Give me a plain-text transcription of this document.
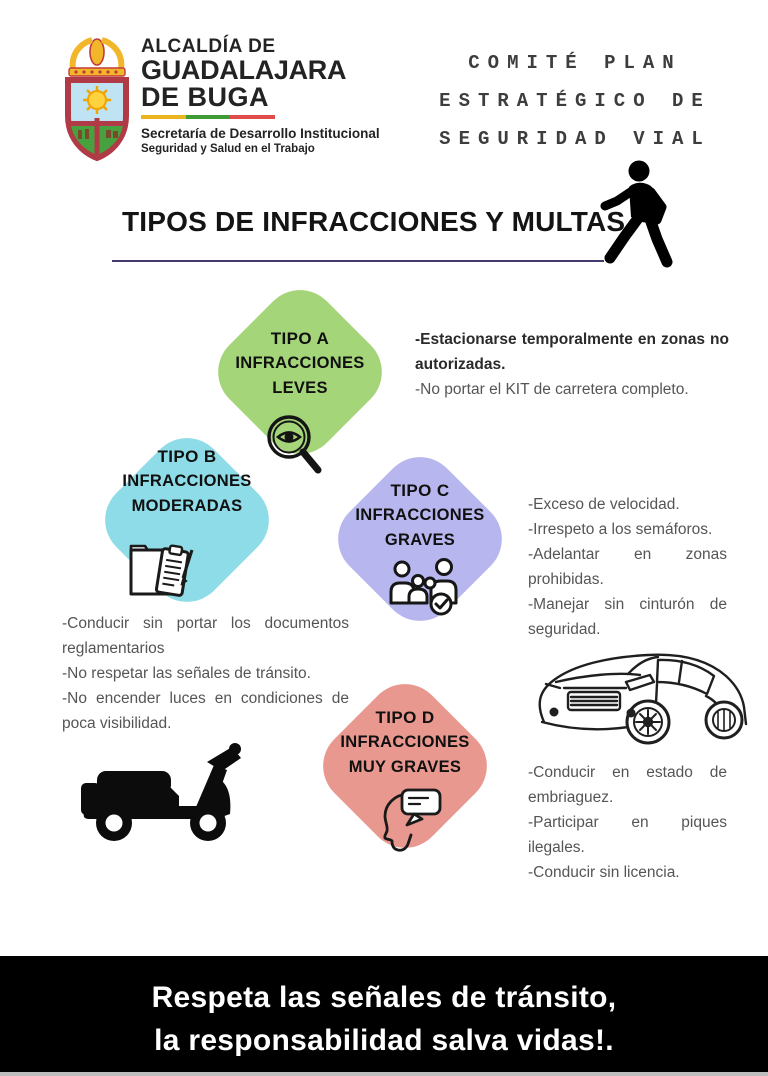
ALCALDÍA DE
GUADALAJARA
DE BUGA
Secretaría de Desarrollo Institucional
Seguridad y Salud en el Trabajo
COMITÉ PLAN
ESTRATÉGICO DE
SEGURIDAD VIAL
TIPOS DE INFRACCIONES Y MULTAS
TIPO A
INFRACCIONES
LEVES
TIPO B
INFRACCIONES
MODERADAS
TIPO C
INFRACCIONES
GRAVES
TIPO D
INFRACCIONES
MUY GRAVES

-Estacionarse temporalmente en zonas no autorizadas.

-No portar el KIT de carretera completo.

-Conducir sin portar los documentos reglamentarios

-No respetar las señales de tránsito.

-No encender luces en condiciones de poca visibilidad.

-Exceso de velocidad.

-Irrespeto a los semáforos.

-Adelantar en zonas prohibidas.

-Manejar sin cinturón de seguridad.

-Conducir en estado de embriaguez.

-Participar en piques ilegales.

-Conducir sin licencia.

Respeta las señales de tránsito,
la responsabilidad salva vidas!.
